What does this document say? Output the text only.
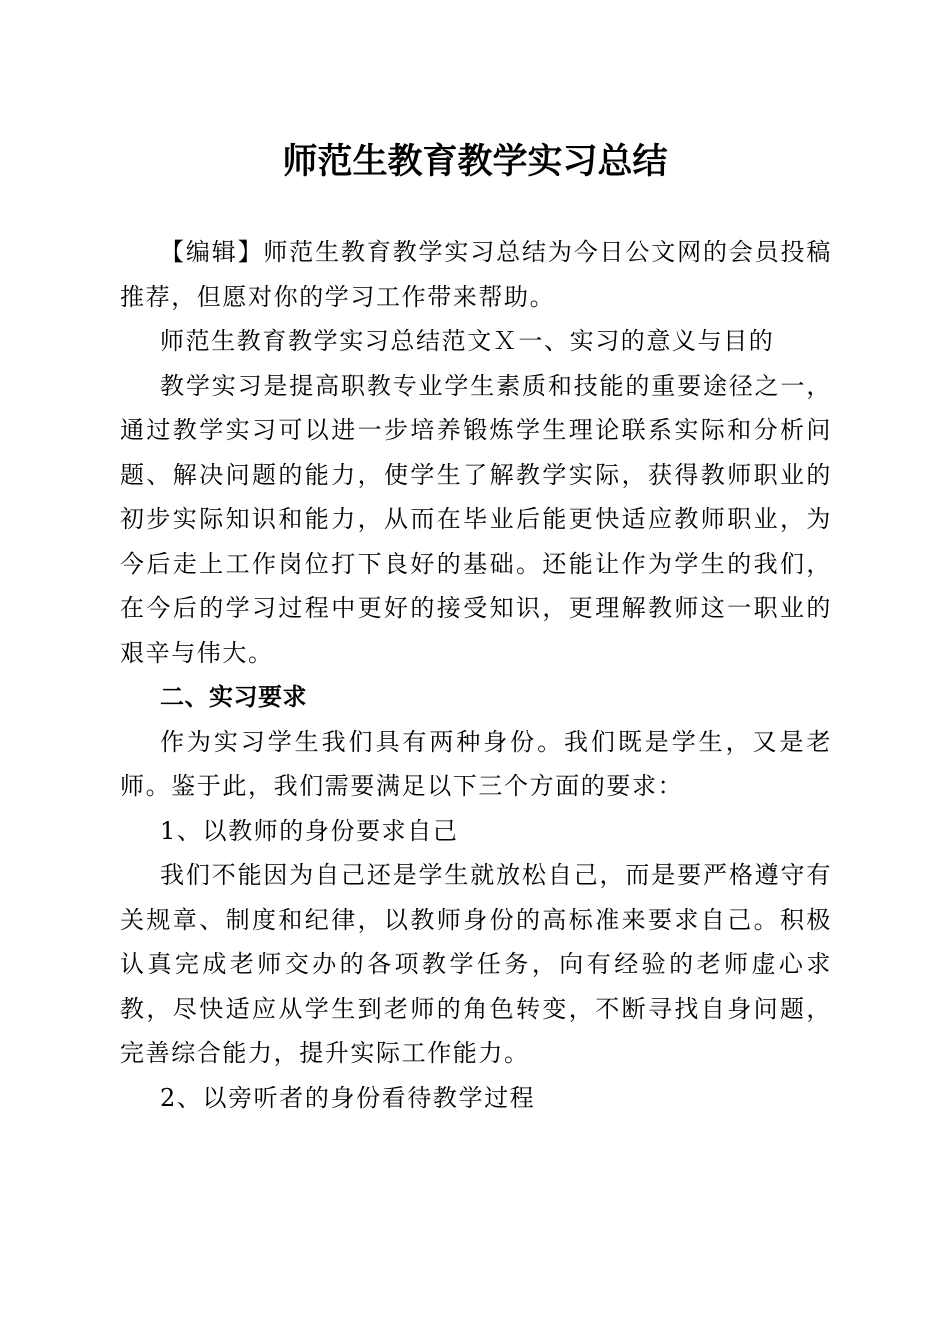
师范生教育教学实习总结

【编辑】师范生教育教学实习总结为今日公文网的会员投稿推荐，但愿对你的学习工作带来帮助。

师范生教育教学实习总结范文Ｘ一、实习的意义与目的

教学实习是提高职教专业学生素质和技能的重要途径之一，通过教学实习可以进一步培养锻炼学生理论联系实际和分析问题、解决问题的能力，使学生了解教学实际，获得教师职业的初步实际知识和能力，从而在毕业后能更快适应教师职业，为今后走上工作岗位打下良好的基础。还能让作为学生的我们，在今后的学习过程中更好的接受知识，更理解教师这一职业的艰辛与伟大。

二、实习要求

作为实习学生我们具有两种身份。我们既是学生，又是老师。鉴于此，我们需要满足以下三个方面的要求：

1、以教师的身份要求自己

我们不能因为自己还是学生就放松自己，而是要严格遵守有关规章、制度和纪律，以教师身份的高标准来要求自己。积极认真完成老师交办的各项教学任务，向有经验的老师虚心求教，尽快适应从学生到老师的角色转变，不断寻找自身问题，完善综合能力，提升实际工作能力。

2、以旁听者的身份看待教学过程
